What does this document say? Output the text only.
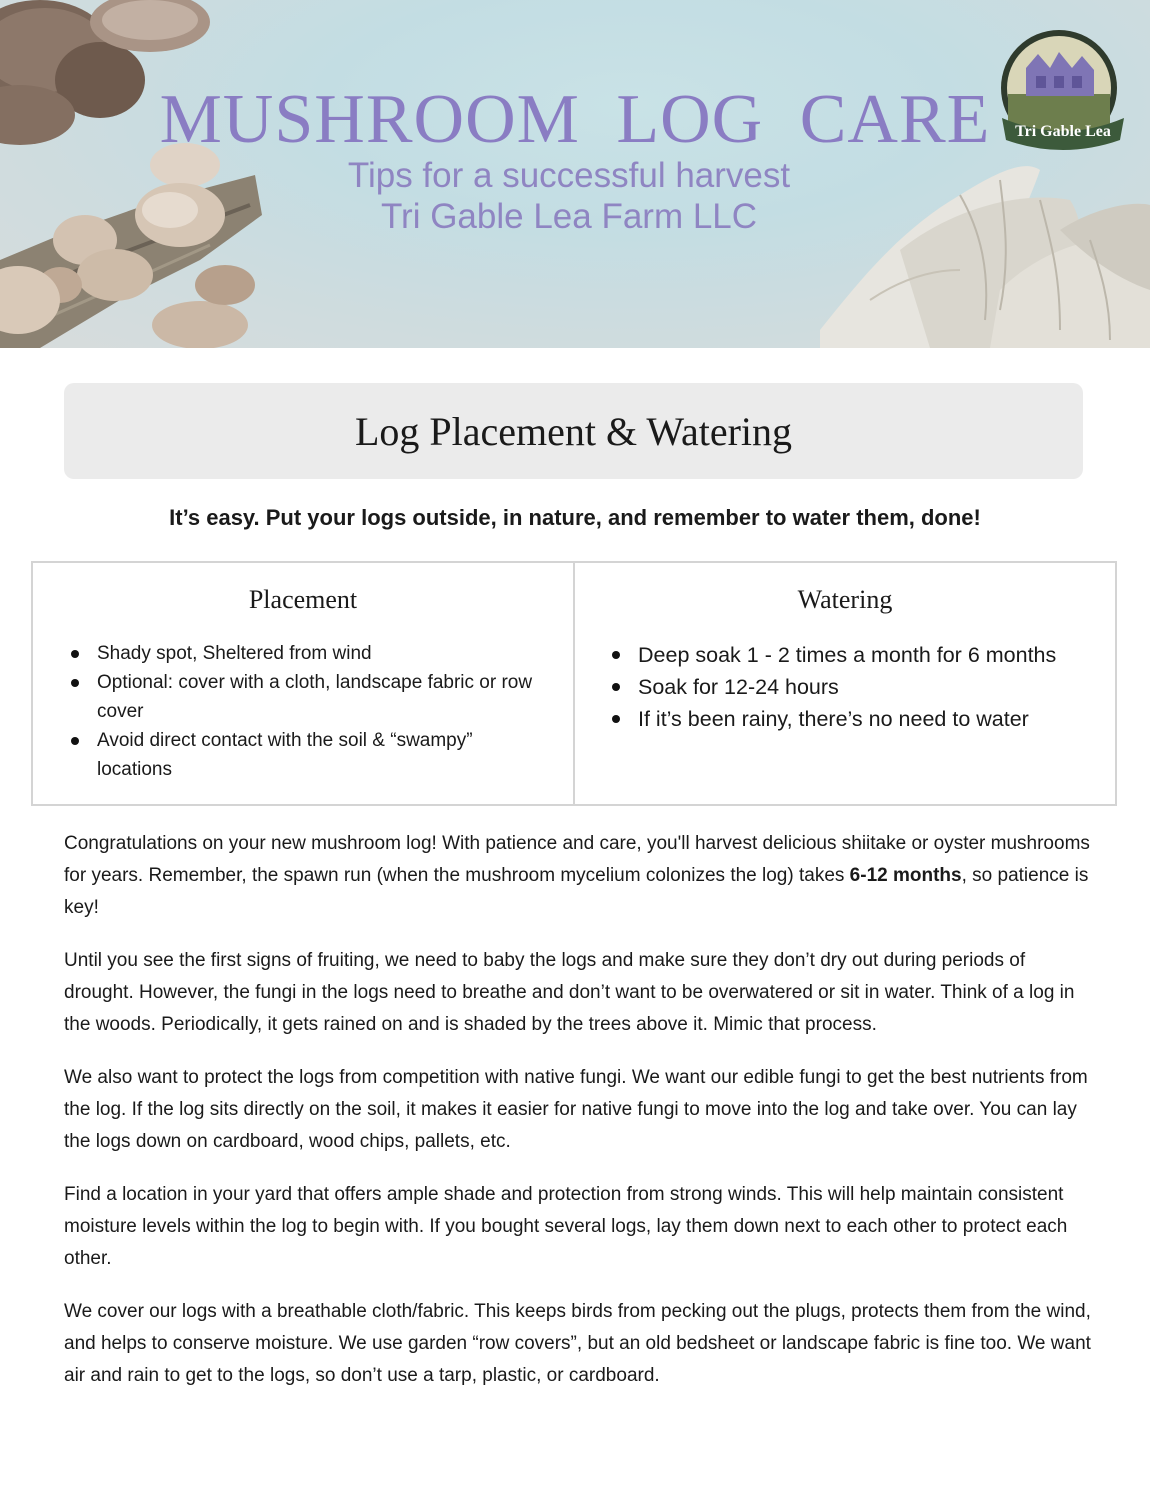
MUSHROOM LOG CARE

Tips for a successful harvest

Tri Gable Lea Farm LLC

Tri Gable Lea
Log Placement & Watering

It’s easy. Put your logs outside, in nature, and remember to water them, done!

Placement
Shady spot, Sheltered from wind
Optional: cover with a cloth, landscape fabric or row cover
Avoid direct contact with the soil & “swampy” locations
Watering
Deep soak 1 - 2 times a month for 6 months
Soak for 12-24 hours
If it’s been rainy, there’s no need to water

Congratulations on your new mushroom log! With patience and care, you'll harvest delicious shiitake or oyster mushrooms for years. Remember, the spawn run (when the mushroom mycelium colonizes the log) takes 6-12 months, so patience is key!

Until you see the first signs of fruiting, we need to baby the logs and make sure they don’t dry out during periods of drought. However, the fungi in the logs need to breathe and don’t want to be overwatered or sit in water. Think of a log in the woods. Periodically, it gets rained on and is shaded by the trees above it. Mimic that process.

We also want to protect the logs from competition with native fungi. We want our edible fungi to get the best nutrients from the log. If the log sits directly on the soil, it makes it easier for native fungi to move into the log and take over. You can lay the logs down on cardboard, wood chips, pallets, etc.

Find a location in your yard that offers ample shade and protection from strong winds. This will help maintain consistent moisture levels within the log to begin with. If you bought several logs, lay them down next to each other to protect each other.

We cover our logs with a breathable cloth/fabric. This keeps birds from pecking out the plugs, protects them from the wind, and helps to conserve moisture. We use garden “row covers”, but an old bedsheet or landscape fabric is fine too. We want air and rain to get to the logs, so don’t use a tarp, plastic, or cardboard.
